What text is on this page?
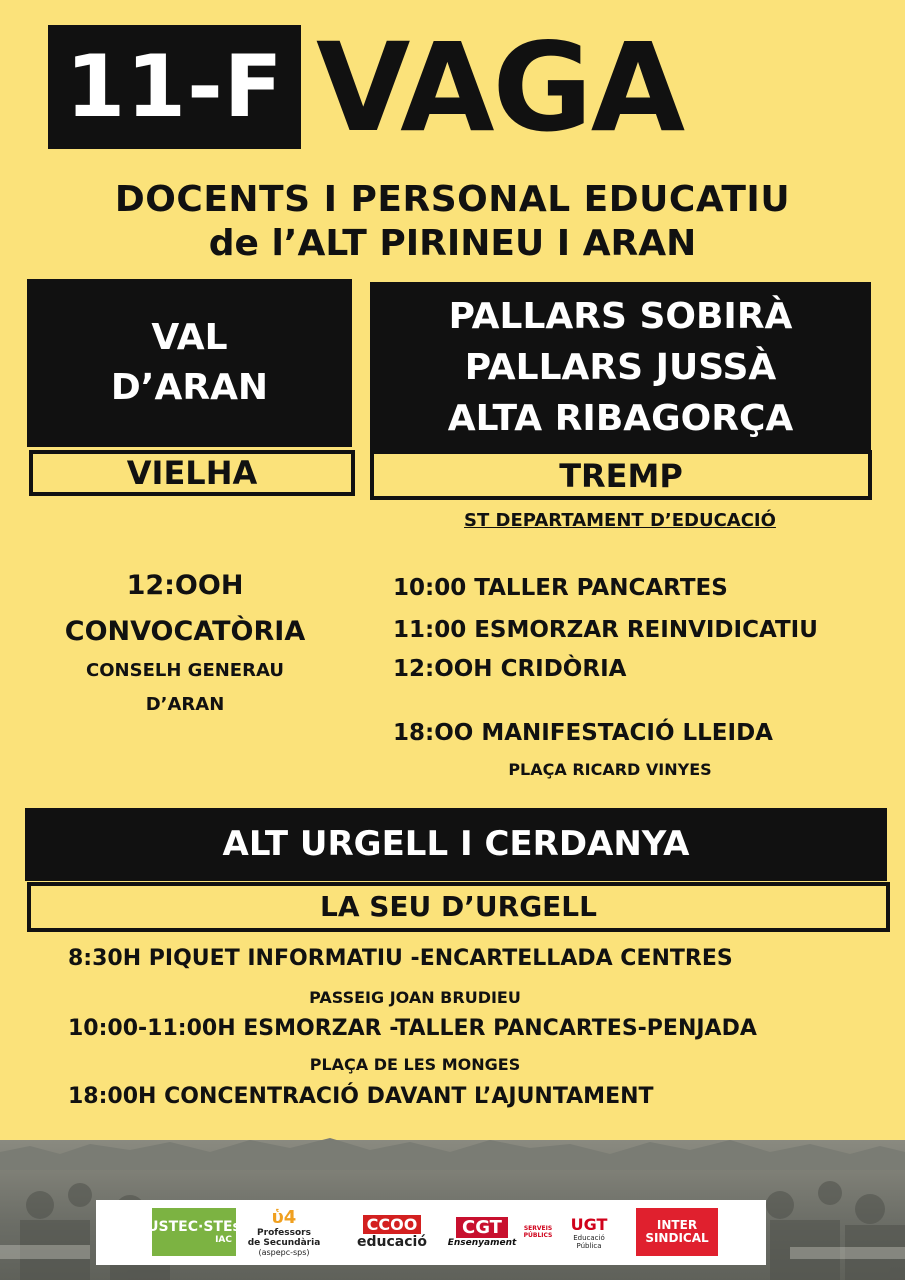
11-F VAGA
DOCENTS I PERSONAL EDUCATIU
de l’ALT PIRINEU I ARAN
VAL
D’ARAN
VIELHA
12:OOH
CONVOCATÒRIA
CONSELH GENERAU
D’ARAN
PALLARS SOBIRÀ
PALLARS JUSSÀ
ALTA RIBAGORÇA
TREMP
ST DEPARTAMENT D’EDUCACIÓ
10:00 TALLER PANCARTES
11:00 ESMORZAR REINVIDICATIU
12:OOH CRIDÒRIA
18:OO MANIFESTACIÓ LLEIDA
PLAÇA RICARD VINYES
ALT URGELL I CERDANYA
LA SEU D’URGELL
8:30H PIQUET INFORMATIU -ENCARTELLADA CENTRES
PASSEIG JOAN BRUDIEU
10:00-11:00H ESMORZAR -TALLER PANCARTES-PENJADA
PLAÇA DE LES MONGES
18:00H CONCENTRACIÓ DAVANT L’AJUNTAMENT
USTEC·STEs
IAC
ὑ4
Professors
de Secundària
(aspepc-sps)
CCOO
educació
CGT
Ensenyament
SERVEIS
PÚBLICS
UGT
Educació
Pública
INTER
SINDICAL
